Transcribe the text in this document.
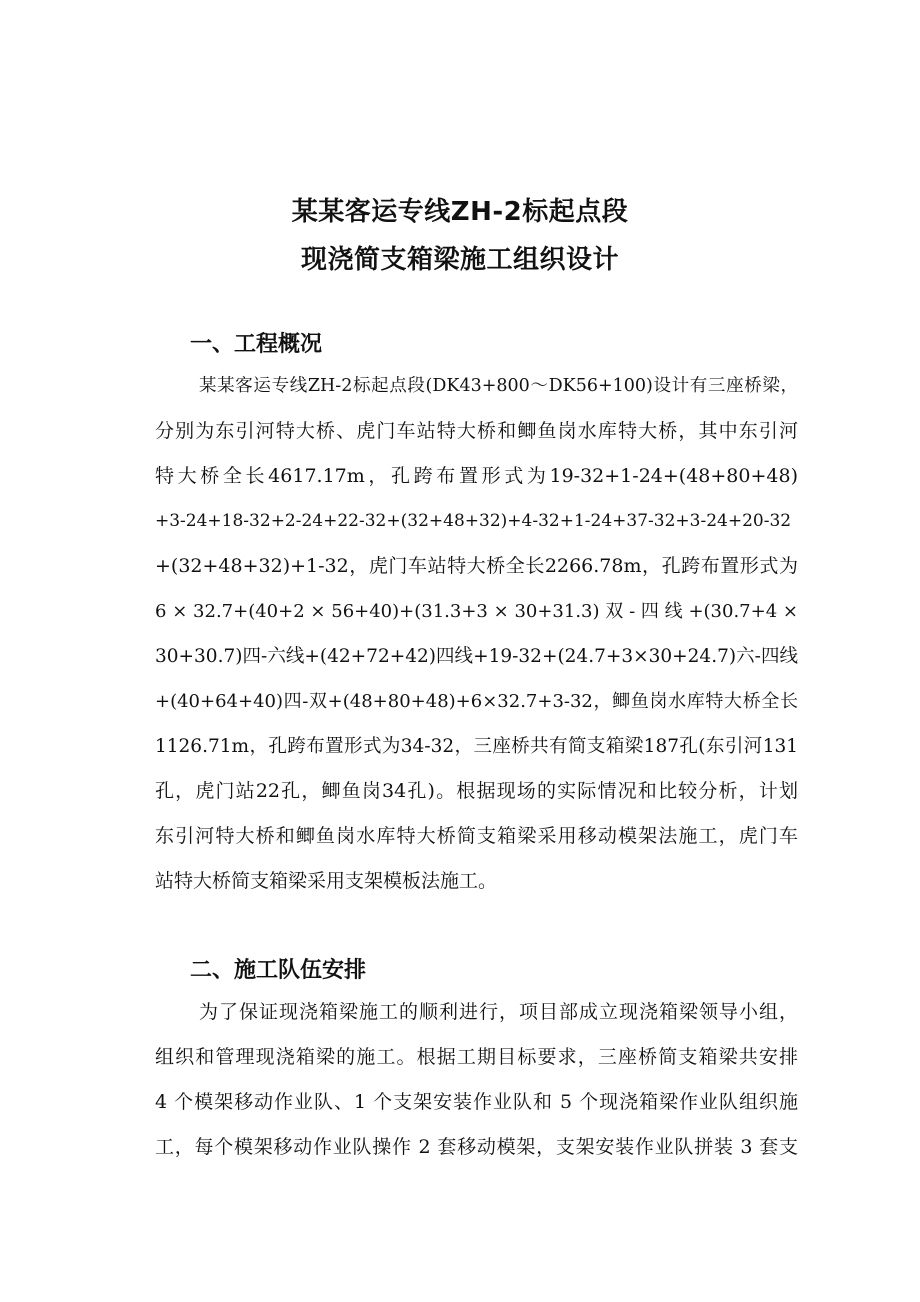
某某客运专线ZH-2标起点段
现浇简支箱梁施工组织设计
一、工程概况
某某客运专线ZH-2标起点段(DK43+800～DK56+100)设计有三座桥梁，
分别为东引河特大桥、虎门车站特大桥和鲫鱼岗水库特大桥，其中东引河
特大桥全长4617.17m，孔跨布置形式为19-32+1-24+(48+80+48)
+3-24+18-32+2-24+22-32+(32+48+32)+4-32+1-24+37-32+3-24+20-32
+(32+48+32)+1-32，虎门车站特大桥全长2266.78m，孔跨布置形式为
6 × 32.7+(40+2 × 56+40)+(31.3+3 × 30+31.3) 双 - 四 线 +(30.7+4 ×
30+30.7)四-六线+(42+72+42)四线+19-32+(24.7+3×30+24.7)六-四线
+(40+64+40)四-双+(48+80+48)+6×32.7+3-32，鲫鱼岗水库特大桥全长
1126.71m，孔跨布置形式为34-32，三座桥共有简支箱梁187孔(东引河131
孔，虎门站22孔，鲫鱼岗34孔)。根据现场的实际情况和比较分析，计划
东引河特大桥和鲫鱼岗水库特大桥简支箱梁采用移动模架法施工，虎门车
站特大桥简支箱梁采用支架模板法施工。
二、施工队伍安排
为了保证现浇箱梁施工的顺利进行，项目部成立现浇箱梁领导小组，
组织和管理现浇箱梁的施工。根据工期目标要求，三座桥简支箱梁共安排
4 个模架移动作业队、1 个支架安装作业队和 5 个现浇箱梁作业队组织施
工，每个模架移动作业队操作 2 套移动模架，支架安装作业队拼装 3 套支
